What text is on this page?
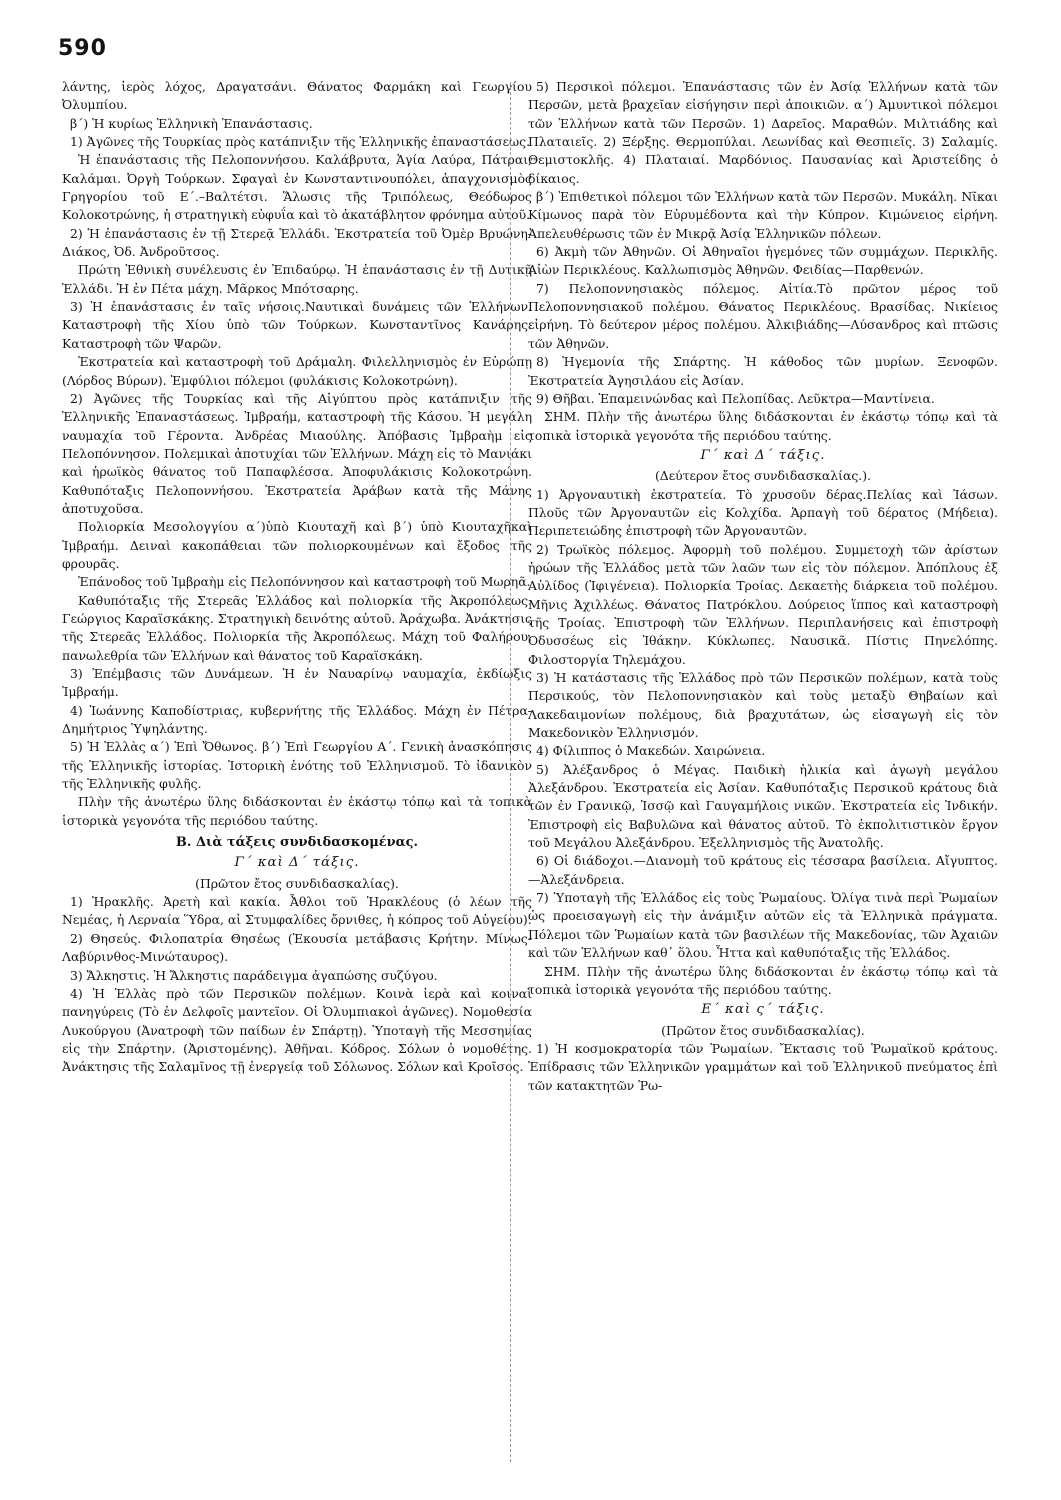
590

λάντης, ἱερὸς λόχος, Δραγατσάνι. Θάνατος Φαρμάκη καὶ Γεωργίου Ὀλυμπίου.

β΄) Ἡ κυρίως Ἑλληνικὴ Ἐπανάστασις.

1) Ἀγῶνες τῆς Τουρκίας πρὸς κατάπνιξιν τῆς Ἑλληνικῆς ἐπαναστάσεως.

Ἡ ἐπανάστασις τῆς Πελοποννήσου. Καλάβρυτα, Ἁγία Λαύρα, Πάτραι, Καλάμαι. Ὀργὴ Τούρκων. Σφαγαὶ ἐν Κωνσταντινουπόλει, ἀπαγχονισμὸς Γρηγορίου τοῦ Ε΄.–Βαλτέτσι. Ἅλωσις τῆς Τριπόλεως, Θεόδωρος Κολοκοτρώνης, ἡ στρατηγικὴ εὐφυΐα καὶ τὸ ἀκατάβλητον φρόνημα αὐτοῦ.

2) Ἡ ἐπανάστασις ἐν τῇ Στερεᾷ Ἑλλάδι. Ἐκστρατεία τοῦ Ὀμὲρ Βρυώνη-Διάκος, Ὀδ. Ἀνδροῦτσος.

Πρώτη Ἐθνικὴ συνέλευσις ἐν Ἐπιδαύρῳ. Ἡ ἐπανάστασις ἐν τῇ Δυτικῇ Ἑλλάδι. Ἡ ἐν Πέτα μάχη. Μᾶρκος Μπότσαρης.

3) Ἡ ἐπανάστασις ἐν ταῖς νήσοις.Ναυτικαὶ δυνάμεις τῶν Ἑλλήνων. Καταστροφὴ τῆς Χίου ὑπὸ τῶν Τούρκων. Κωνσταντῖνος Κανάρης. Καταστροφὴ τῶν Ψαρῶν.

Ἐκστρατεία καὶ καταστροφὴ τοῦ Δράμαλη. Φιλελληνισμὸς ἐν Εὐρώπῃ (Λόρδος Βύρων). Ἐμφύλιοι πόλεμοι (φυλάκισις Κολοκοτρώνη).

2) Ἀγῶνες τῆς Τουρκίας καὶ τῆς Αἰγύπτου πρὸς κατάπνιξιν τῆς Ἑλληνικῆς Ἐπαναστάσεως. Ἰμβραήμ, καταστροφὴ τῆς Κάσου. Ἡ μεγάλη ναυμαχία τοῦ Γέροντα. Ἀνδρέας Μιαούλης. Ἀπόβασις Ἰμβραὴμ εἰς Πελοπόννησον. Πολεμικαὶ ἀποτυχίαι τῶν Ἑλλήνων. Μάχη εἰς τὸ Μανιάκι καὶ ἡρωϊκὸς θάνατος τοῦ Παπαφλέσσα. Ἀποφυλάκισις Κολοκοτρώνη. Καθυπόταξις Πελοποννήσου. Ἐκστρατεία Ἀράβων κατὰ τῆς Μάνης ἀποτυχοῦσα.

Πολιορκία Μεσολογγίου α΄)ὑπὸ Κιουταχῆ καὶ β΄) ὑπὸ Κιουταχῆκαὶ Ἰμβραήμ. Δειναὶ κακοπάθειαι τῶν πολιορκουμένων καὶ ἔξοδος τῆς φρουρᾶς.

Ἐπάνοδος τοῦ Ἰμβραὴμ εἰς Πελοπόννησον καὶ καταστροφὴ τοῦ Μωρηᾶ.

Καθυπόταξις τῆς Στερεᾶς Ἑλλάδος καὶ πολιορκία τῆς Ἀκροπόλεως. Γεώργιος Καραϊσκάκης. Στρατηγικὴ δεινότης αὐτοῦ. Ἀράχωβα. Ἀνάκτησις τῆς Στερεᾶς Ἑλλάδος. Πολιορκία τῆς Ἀκροπόλεως. Μάχη τοῦ Φαλήρου, πανωλεθρία τῶν Ἑλλήνων καὶ θάνατος τοῦ Καραϊσκάκη.

3) Ἐπέμβασις τῶν Δυνάμεων. Ἡ ἐν Ναυαρίνῳ ναυμαχία, ἐκδίωξις Ἰμβραήμ.

4) Ἰωάννης Καποδίστριας, κυβερνήτης τῆς Ἑλλάδος. Μάχη ἐν Πέτρα-Δημήτριος Ὑψηλάντης.

5) Ἡ Ἑλλὰς α΄) Ἐπὶ Ὄθωνος. β΄) Ἐπὶ Γεωργίου Α΄. Γενικὴ ἀνασκόπησις τῆς Ἑλληνικῆς ἱστορίας. Ἱστορικὴ ἑνότης τοῦ Ἑλληνισμοῦ. Τὸ ἰδανικὸν τῆς Ἑλληνικῆς φυλῆς.

Πλὴν τῆς ἀνωτέρω ὕλης διδάσκονται ἐν ἑκάστῳ τόπῳ καὶ τὰ τοπικὰ ἱστορικὰ γεγονότα τῆς περιόδου ταύτης.

Β. Διὰ τάξεις συνδιδασκομένας.

Γ΄ καὶ Δ΄ τάξις.

(Πρῶτον ἔτος συνδιδασκαλίας).

1) Ἡρακλῆς. Ἀρετὴ καὶ κακία. Ἆθλοι τοῦ Ἡρακλέους (ὁ λέων τῆς Νεμέας, ἡ Λερναία Ὕδρα, αἱ Στυμφαλίδες ὄρνιθες, ἡ κόπρος τοῦ Αὐγείου).

2) Θησεύς. Φιλοπατρία Θησέως (Ἑκουσία μετάβασις Κρήτην. Μίνως-Λαβύρινθος-Μινώταυρος).

3) Ἄλκηστις. Ἡ Ἄλκηστις παράδειγμα ἀγαπώσης συζύγου.

4) Ἡ Ἑλλὰς πρὸ τῶν Περσικῶν πολέμων. Κοινὰ ἱερὰ καὶ κοιναὶ πανηγύρεις (Τὸ ἐν Δελφοῖς μαντεῖον. Οἱ Ὀλυμπιακοὶ ἀγῶνες). Νομοθεσία Λυκούργου (Ἀνατροφὴ τῶν παίδων ἐν Σπάρτῃ). Ὑποταγὴ τῆς Μεσσηνίας εἰς τὴν Σπάρτην. (Ἀριστομένης). Ἀθῆναι. Κόδρος. Σόλων ὁ νομοθέτης. Ἀνάκτησις τῆς Σαλαμῖνος τῇ ἐνεργείᾳ τοῦ Σόλωνος. Σόλων καὶ Κροῖσος.

5) Περσικοὶ πόλεμοι. Ἐπανάστασις τῶν ἐν Ἀσίᾳ Ἑλλήνων κατὰ τῶν Περσῶν, μετὰ βραχεῖαν εἰσήγησιν περὶ ἀποικιῶν. α΄) Ἀμυντικοὶ πόλεμοι τῶν Ἑλλήνων κατὰ τῶν Περσῶν. 1) Δαρεῖος. Μαραθών. Μιλτιάδης καὶ Πλαταιεῖς. 2) Ξέρξης. Θερμοπύλαι. Λεωνίδας καὶ Θεσπιεῖς. 3) Σαλαμίς. Θεμιστοκλῆς. 4) Πλαταιαί. Μαρδόνιος. Παυσανίας καὶ Ἀριστείδης ὁ δίκαιος.

β΄) Ἐπιθετικοὶ πόλεμοι τῶν Ἑλλήνων κατὰ τῶν Περσῶν. Μυκάλη. Νῖκαι Κίμωνος παρὰ τὸν Εὐρυμέδοντα καὶ τὴν Κύπρον. Κιμώνειος εἰρήνη. Ἀπελευθέρωσις τῶν ἐν Μικρᾷ Ἀσίᾳ Ἑλληνικῶν πόλεων.

6) Ἀκμὴ τῶν Ἀθηνῶν. Οἱ Ἀθηναῖοι ἡγεμόνες τῶν συμμάχων. Περικλῆς. Αἰὼν Περικλέους. Καλλωπισμὸς Ἀθηνῶν. Φειδίας—Παρθενών.

7) Πελοποννησιακὸς πόλεμος. Αἰτία.Τὸ πρῶτον μέρος τοῦ Πελοποννησιακοῦ πολέμου. Θάνατος Περικλέους. Βρασίδας. Νικίειος εἰρήνη. Τὸ δεύτερον μέρος πολέμου. Ἀλκιβιάδης—Λύσανδρος καὶ πτῶσις τῶν Ἀθηνῶν.

8) Ἡγεμονία τῆς Σπάρτης. Ἡ κάθοδος τῶν μυρίων. Ξενοφῶν. Ἐκστρατεία Ἀγησιλάου εἰς Ἀσίαν.

9) Θῆβαι. Ἐπαμεινώνδας καὶ Πελοπίδας. Λεῦκτρα—Μαντίνεια.

ΣΗΜ. Πλὴν τῆς ἀνωτέρω ὕλης διδάσκονται ἐν ἑκάστῳ τόπῳ καὶ τὰ τοπικὰ ἱστορικὰ γεγονότα τῆς περιόδου ταύτης.

Γ΄ καὶ Δ΄ τάξις.

(Δεύτερον ἔτος συνδιδασκαλίας.).

1) Ἀργοναυτικὴ ἐκστρατεία. Τὸ χρυσοῦν δέρας.Πελίας καὶ Ἰάσων. Πλοῦς τῶν Ἀργοναυτῶν εἰς Κολχίδα. Ἁρπαγὴ τοῦ δέρατος (Μήδεια). Περιπετειώδης ἐπιστροφὴ τῶν Ἀργοναυτῶν.

2) Τρωϊκὸς πόλεμος. Ἀφορμὴ τοῦ πολέμου. Συμμετοχὴ τῶν ἀρίστων ἡρώων τῆς Ἑλλάδος μετὰ τῶν λαῶν των εἰς τὸν πόλεμον. Ἀπόπλους ἐξ Αὐλίδος (Ἰφιγένεια). Πολιορκία Τροίας. Δεκαετὴς διάρκεια τοῦ πολέμου. Μῆνις Ἀχιλλέως. Θάνατος Πατρόκλου. Δούρειος ἵππος καὶ καταστροφὴ τῆς Τροίας. Ἐπιστροφὴ τῶν Ἑλλήνων. Περιπλανήσεις καὶ ἐπιστροφὴ Ὀδυσσέως εἰς Ἰθάκην. Κύκλωπες. Ναυσικᾶ. Πίστις Πηνελόπης. Φιλοστοργία Τηλεμάχου.

3) Ἡ κατάστασις τῆς Ἑλλάδος πρὸ τῶν Περσικῶν πολέμων, κατὰ τοὺς Περσικούς, τὸν Πελοποννησιακὸν καὶ τοὺς μεταξὺ Θηβαίων καὶ Λακεδαιμονίων πολέμους, διὰ βραχυτάτων, ὡς εἰσαγωγὴ εἰς τὸν Μακεδονικὸν Ἑλληνισμόν.

4) Φίλιππος ὁ Μακεδών. Χαιρώνεια.

5) Ἀλέξανδρος ὁ Μέγας. Παιδικὴ ἡλικία καὶ ἀγωγὴ μεγάλου Ἀλεξάνδρου. Ἐκστρατεία εἰς Ἀσίαν. Καθυπόταξις Περσικοῦ κράτους διὰ τῶν ἐν Γρανικῷ, Ἰσσῷ καὶ Γαυγαμήλοις νικῶν. Ἐκστρατεία εἰς Ἰνδικήν. Ἐπιστροφὴ εἰς Βαβυλῶνα καὶ θάνατος αὐτοῦ. Τὸ ἐκπολιτιστικὸν ἔργον τοῦ Μεγάλου Ἀλεξάνδρου. Ἐξελληνισμὸς τῆς Ἀνατολῆς.

6) Οἱ διάδοχοι.—Διανομὴ τοῦ κράτους εἰς τέσσαρα βασίλεια. Αἴγυπτος.—Ἀλεξάνδρεια.

7) Ὑποταγὴ τῆς Ἑλλάδος εἰς τοὺς Ῥωμαίους. Ὀλίγα τινὰ περὶ Ῥωμαίων ὡς προεισαγωγὴ εἰς τὴν ἀνάμιξιν αὐτῶν εἰς τὰ Ἑλληνικὰ πράγματα. Πόλεμοι τῶν Ῥωμαίων κατὰ τῶν βασιλέων τῆς Μακεδονίας, τῶν Ἀχαιῶν καὶ τῶν Ἑλλήνων καθ᾽ ὅλου. Ἧττα καὶ καθυπόταξις τῆς Ἑλλάδος.

ΣΗΜ. Πλὴν τῆς ἀνωτέρω ὕλης διδάσκονται ἐν ἑκάστῳ τόπῳ καὶ τὰ τοπικὰ ἱστορικὰ γεγονότα τῆς περιόδου ταύτης.

Ε΄ καὶ ς΄ τάξις.

(Πρῶτον ἔτος συνδιδασκαλίας).

1) Ἡ κοσμοκρατορία τῶν Ῥωμαίων. Ἔκτασις τοῦ Ῥωμαϊκοῦ κράτους. Ἐπίδρασις τῶν Ἑλληνικῶν γραμμάτων καὶ τοῦ Ἑλληνικοῦ πνεύματος ἐπὶ τῶν κατακτητῶν Ῥω-
